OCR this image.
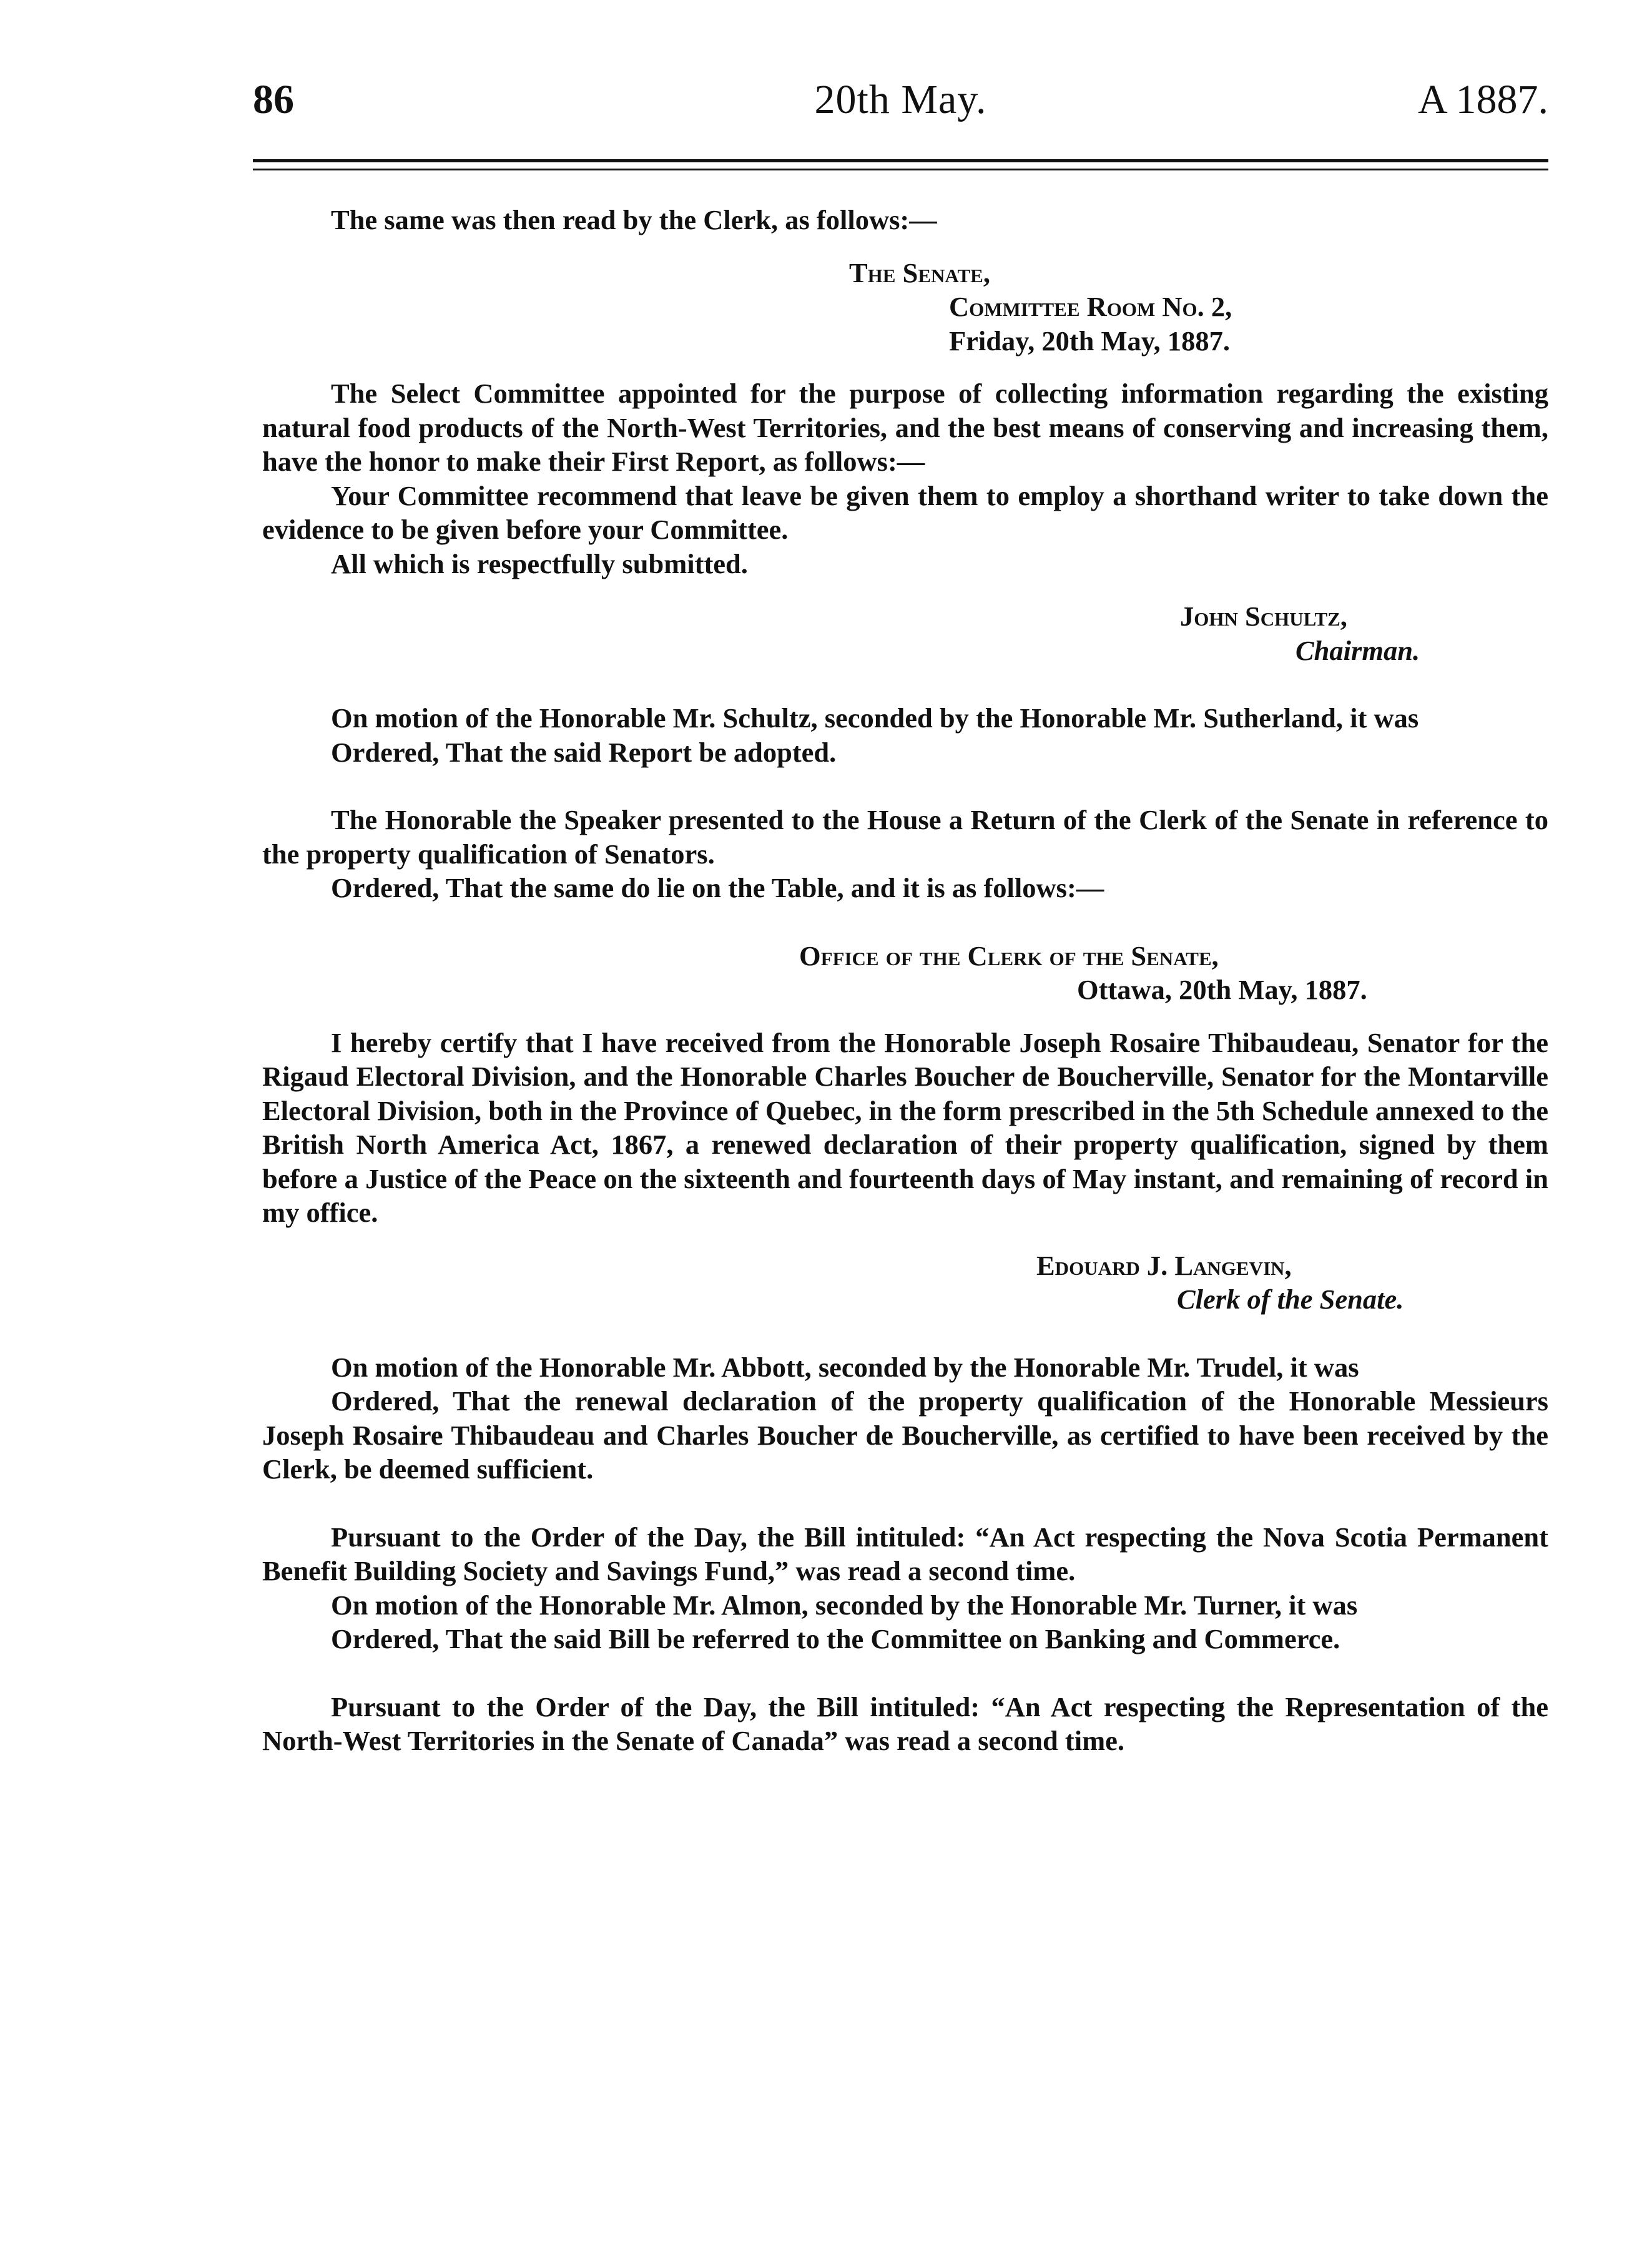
86	20th May.	A 1887.

The same was then read by the Clerk, as follows:—

The Senate,

Committee Room No. 2,

Friday, 20th May, 1887.

The Select Committee appointed for the purpose of collecting information regarding the existing natural food products of the North-West Territories, and the best means of conserving and increasing them, have the honor to make their First Report, as follows:—

Your Committee recommend that leave be given them to employ a shorthand writer to take down the evidence to be given before your Committee.

All which is respectfully submitted.

John Schultz,

Chairman.

On motion of the Honorable Mr. Schultz, seconded by the Honorable Mr. Sutherland, it was

Ordered, That the said Report be adopted.

The Honorable the Speaker presented to the House a Return of the Clerk of the Senate in reference to the property qualification of Senators.

Ordered, That the same do lie on the Table, and it is as follows:—

Office of the Clerk of the Senate,

Ottawa, 20th May, 1887.

I hereby certify that I have received from the Honorable Joseph Rosaire Thibaudeau, Senator for the Rigaud Electoral Division, and the Honorable Charles Boucher de Boucherville, Senator for the Montarville Electoral Division, both in the Province of Quebec, in the form prescribed in the 5th Schedule annexed to the British North America Act, 1867, a renewed declaration of their property qualification, signed by them before a Justice of the Peace on the sixteenth and fourteenth days of May instant, and remaining of record in my office.

Edouard J. Langevin,

Clerk of the Senate.

On motion of the Honorable Mr. Abbott, seconded by the Honorable Mr. Trudel, it was

Ordered, That the renewal declaration of the property qualification of the Honorable Messieurs Joseph Rosaire Thibaudeau and Charles Boucher de Boucherville, as certified to have been received by the Clerk, be deemed sufficient.

Pursuant to the Order of the Day, the Bill intituled: “An Act respecting the Nova Scotia Permanent Benefit Building Society and Savings Fund,” was read a second time.

On motion of the Honorable Mr. Almon, seconded by the Honorable Mr. Turner, it was

Ordered, That the said Bill be referred to the Committee on Banking and Commerce.

Pursuant to the Order of the Day, the Bill intituled: “An Act respecting the Representation of the North-West Territories in the Senate of Canada” was read a second time.
